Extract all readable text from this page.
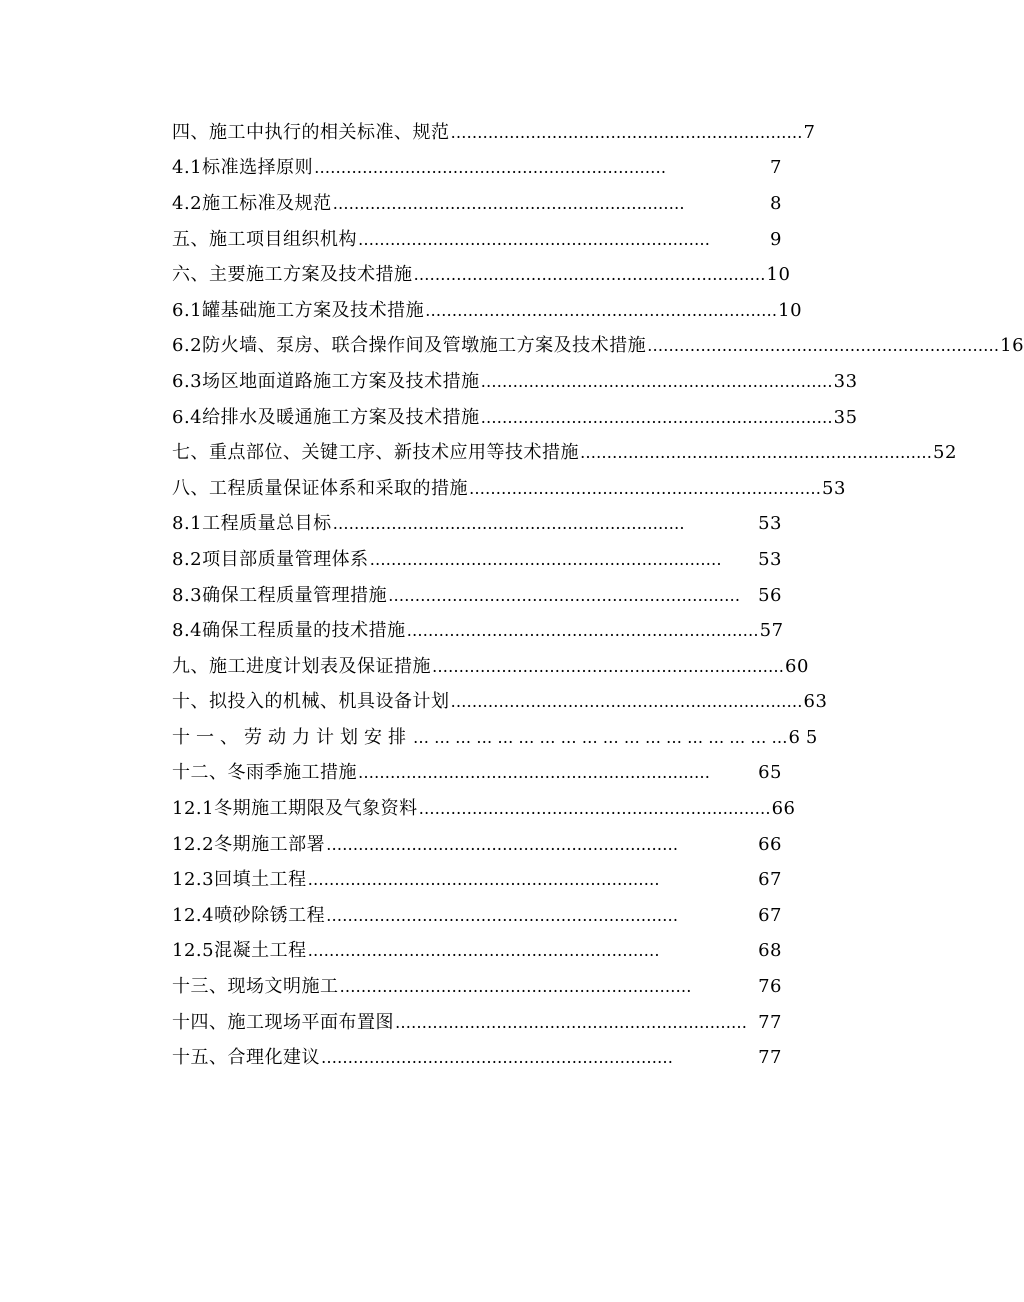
四、施工中执行的相关标准、规范 ………………………………………………………… 7
4.1标准选择原则 …………………………………………………………	7
4.2施工标准及规范 …………………………………………………………	8
五、施工项目组织机构 …………………………………………………………	9
六、主要施工方案及技术措施 ………………………………………………………… 10
6.1罐基础施工方案及技术措施 ………………………………………………………… 10
6.2防火墙、泵房、联合操作间及管墩施工方案及技术措施 ………………………………………………………… 16
6.3场区地面道路施工方案及技术措施 ………………………………………………………… 33
6.4给排水及暖通施工方案及技术措施 ………………………………………………………… 35
七、重点部位、关键工序、新技术应用等技术措施 ………………………………………………………… 52
八、工程质量保证体系和采取的措施 ………………………………………………………… 53
8.1工程质量总目标 …………………………………………………………	53
8.2项目部质量管理体系 …………………………………………………………	53
8.3确保工程质量管理措施 ………………………………………………………… 56
8.4确保工程质量的技术措施 ………………………………………………………… 57
九、施工进度计划表及保证措施 ………………………………………………………… 60
十、拟投入的机械、机具设备计划 ………………………………………………………… 63
十一、劳动力计划安排 … … … … … … … … … … … … … … … … … … 65
十二、冬雨季施工措施 …………………………………………………………	65
12.1冬期施工期限及气象资料 ………………………………………………………… 66
12.2冬期施工部署 …………………………………………………………	66
12.3回填土工程 …………………………………………………………	67
12.4喷砂除锈工程 …………………………………………………………	67
12.5混凝土工程 …………………………………………………………	68
十三、现场文明施工 …………………………………………………………	76
十四、施工现场平面布置图 ………………………………………………………… 77
十五、合理化建议 …………………………………………………………	77
